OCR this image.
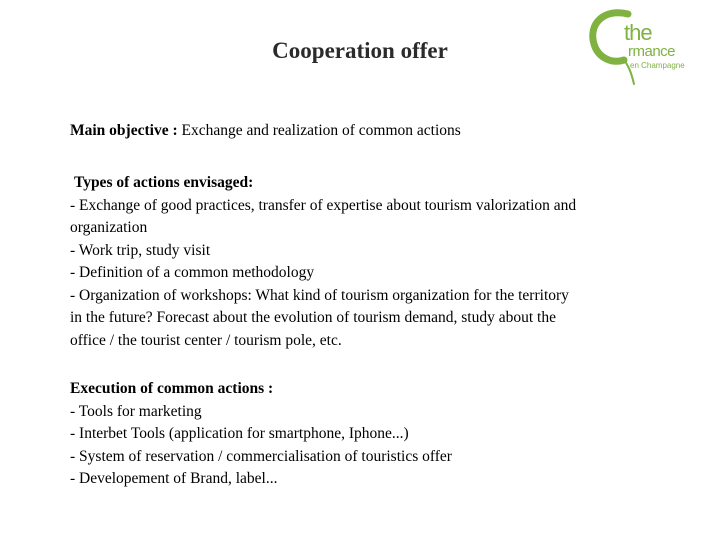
Cooperation offer
the
rmance
en Champagne
Main objective : Exchange and realization of common actions
Types of actions envisaged:
- Exchange of good practices, transfer of expertise about tourism valorization and
organization
- Work trip, study visit
- Definition of a common methodology
- Organization of workshops: What kind of tourism organization for the territory
in the future? Forecast about the evolution of tourism demand, study about the
office / the tourist center / tourism pole, etc.
Execution of common actions :
- Tools for marketing
- Interbet Tools (application for smartphone, Iphone...)
- System of reservation / commercialisation of touristics offer
- Developement of Brand, label...
